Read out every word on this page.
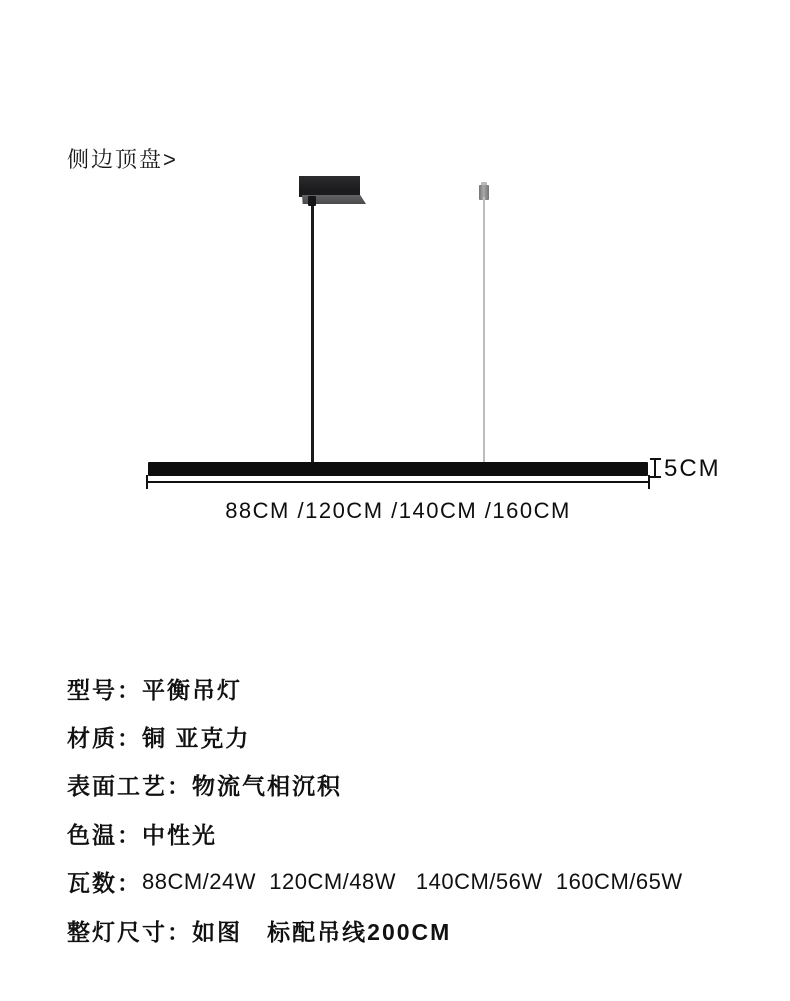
侧边顶盘>
5CM
88CM /120CM /140CM /160CM
型号： 平衡吊灯
材质： 铜 亚克力
表面工艺： 物流气相沉积
色温： 中性光
瓦数： 88CM/24W  120CM/48W   140CM/56W  160CM/65W
整灯尺寸： 如图   标配吊线200CM
